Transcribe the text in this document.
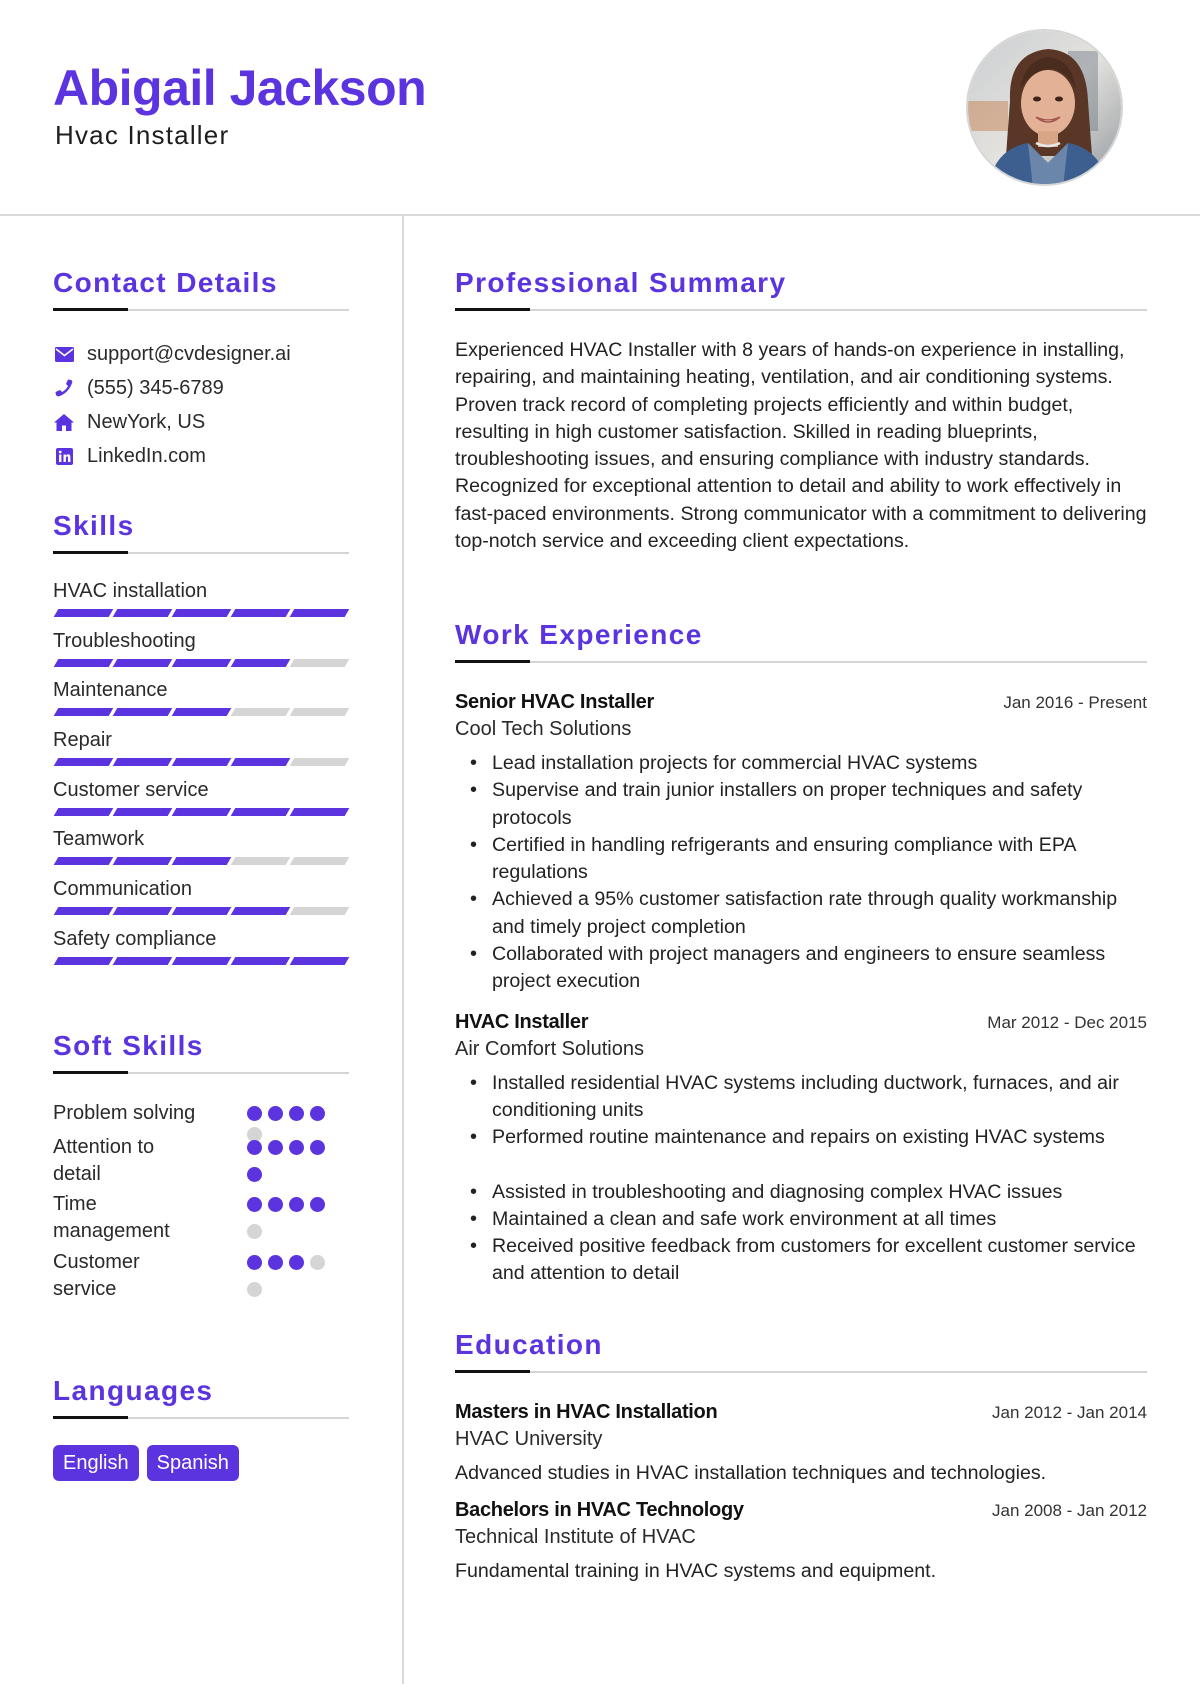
Abigail Jackson
Hvac Installer
Contact Details
support@cvdesigner.ai
(555) 345-6789
NewYork, US
LinkedIn.com
Skills
HVAC installation
Troubleshooting
Maintenance
Repair
Customer service
Teamwork
Communication
Safety compliance
Soft Skills
Problem solving
Attention to detail
Time management
Customer service
Languages
English	Spanish
Professional Summary

Experienced HVAC Installer with 8 years of hands-on experience in installing, repairing, and maintaining heating, ventilation, and air conditioning systems. Proven track record of completing projects efficiently and within budget, resulting in high customer satisfaction. Skilled in reading blueprints, troubleshooting issues, and ensuring compliance with industry standards. Recognized for exceptional attention to detail and ability to work effectively in fast-paced environments. Strong communicator with a commitment to delivering top-notch service and exceeding client expectations.

Work Experience
Senior HVAC Installer	Jan 2016 - Present
Cool Tech Solutions
• Lead installation projects for commercial HVAC systems
• Supervise and train junior installers on proper techniques and safety protocols
• Certified in handling refrigerants and ensuring compliance with EPA regulations
• Achieved a 95% customer satisfaction rate through quality workmanship and timely project completion
• Collaborated with project managers and engineers to ensure seamless project execution
HVAC Installer	Mar 2012 - Dec 2015
Air Comfort Solutions
• Installed residential HVAC systems including ductwork, furnaces, and air conditioning units
• Performed routine maintenance and repairs on existing HVAC systems
• Assisted in troubleshooting and diagnosing complex HVAC issues
• Maintained a clean and safe work environment at all times
• Received positive feedback from customers for excellent customer service and attention to detail
Education
Masters in HVAC Installation	Jan 2012 - Jan 2014
HVAC University
Advanced studies in HVAC installation techniques and technologies.
Bachelors in HVAC Technology	Jan 2008 - Jan 2012
Technical Institute of HVAC
Fundamental training in HVAC systems and equipment.
